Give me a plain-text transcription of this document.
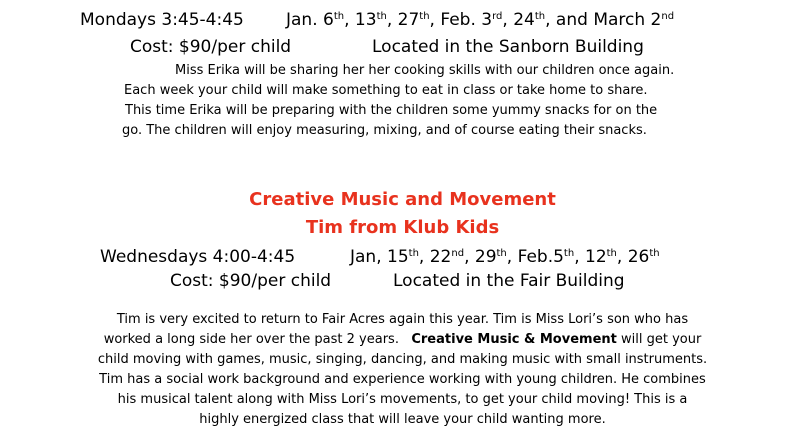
Mondays 3:45-4:45 Jan. 6th, 13th, 27th, Feb. 3rd, 24th, and March 2nd
Cost: $90/per child	Located in the Sanborn Building
Miss Erika will be sharing her her cooking skills with our children once again.
Each week your child will make something to eat in class or take home to share.
This time Erika will be preparing with the children some yummy snacks for on the
go. The children will enjoy measuring, mixing, and of course eating their snacks.
Creative Music and Movement
Tim from Klub Kids
Wednesdays 4:00-4:45	Jan, 15th, 22nd, 29th, Feb.5th, 12th, 26th
Cost: $90/per child	Located in the Fair Building
Tim is very excited to return to Fair Acres again this year. Tim is Miss Lori’s son who has
worked a long side her over the past 2 years.   Creative Music & Movement will get your
child moving with games, music, singing, dancing, and making music with small instruments.
Tim has a social work background and experience working with young children. He combines
his musical talent along with Miss Lori’s movements, to get your child moving! This is a
highly energized class that will leave your child wanting more.
